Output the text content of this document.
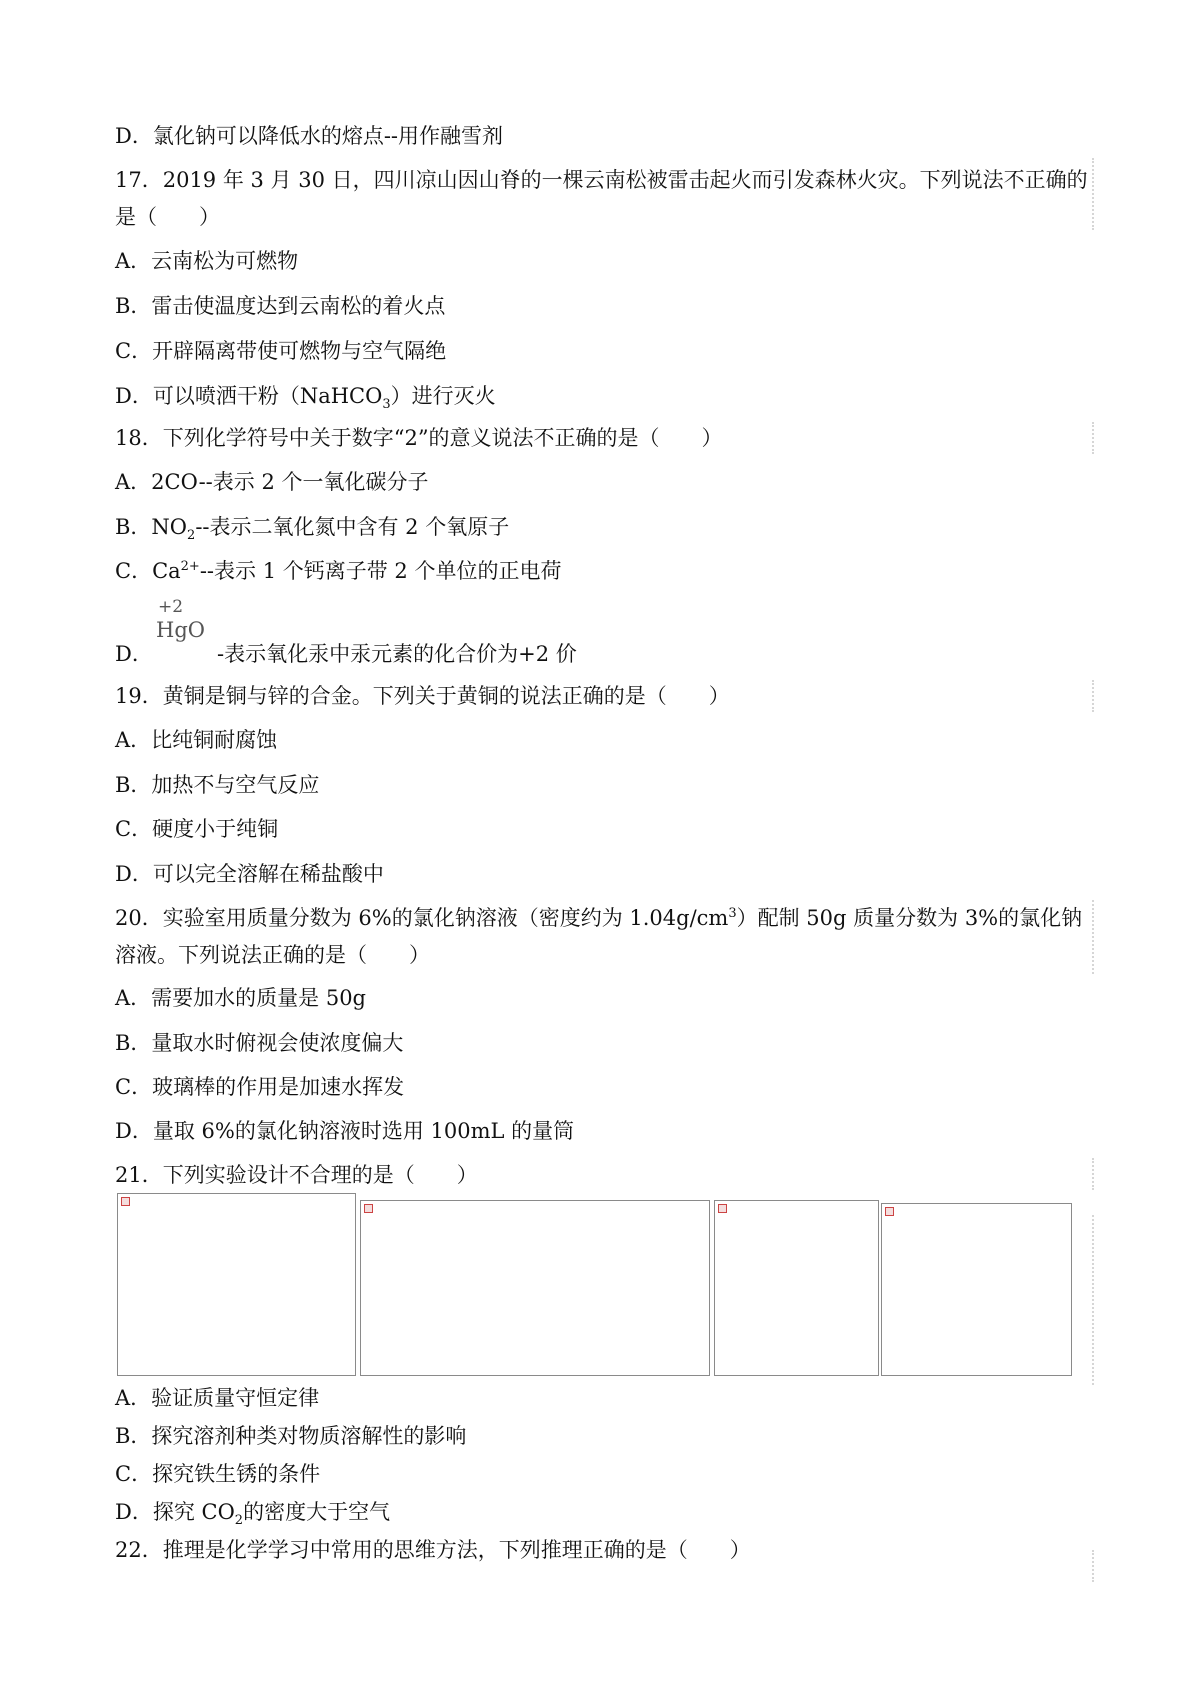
D．氯化钠可以降低水的熔点--用作融雪剂
17．2019 年 3 月 30 日，四川凉山因山脊的一棵云南松被雷击起火而引发森林火灾。下列说法不正确的
是（　　）
A．云南松为可燃物
B．雷击使温度达到云南松的着火点
C．开辟隔离带使可燃物与空气隔绝
D．可以喷洒干粉（NaHCO$_3$）进行灭火
18．下列化学符号中关于数字“2”的意义说法不正确的是（　　）
A．2CO--表示 2 个一氧化碳分子
B．$NO_2--$表示二氧化氮中含有 2 个氧原子
C．$Ca^{2+}--$表示 1 个钙离子带 2 个单位的正电荷
D．
+2
HgO
-表示氧化汞中汞元素的化合价为+2 价
19．黄铜是铜与锌的合金。下列关于黄铜的说法正确的是（　　）
A．比纯铜耐腐蚀
B．加热不与空气反应
C．硬度小于纯铜
D．可以完全溶解在稀盐酸中
20．实验室用质量分数为 6%的氯化钠溶液（密度约为 $1.04g/cm^3$）配制 50g 质量分数为 3%的氯化钠
溶液。下列说法正确的是（　　）
A．需要加水的质量是 50g
B．量取水时俯视会使浓度偏大
C．玻璃棒的作用是加速水挥发
D．量取 6%的氯化钠溶液时选用 100mL 的量筒
21．下列实验设计不合理的是（　　）
A．验证质量守恒定律
B．探究溶剂种类对物质溶解性的影响
C．探究铁生锈的条件
D．探究 $CO_2$的密度大于空气
22．推理是化学学习中常用的思维方法，下列推理正确的是（　　）
